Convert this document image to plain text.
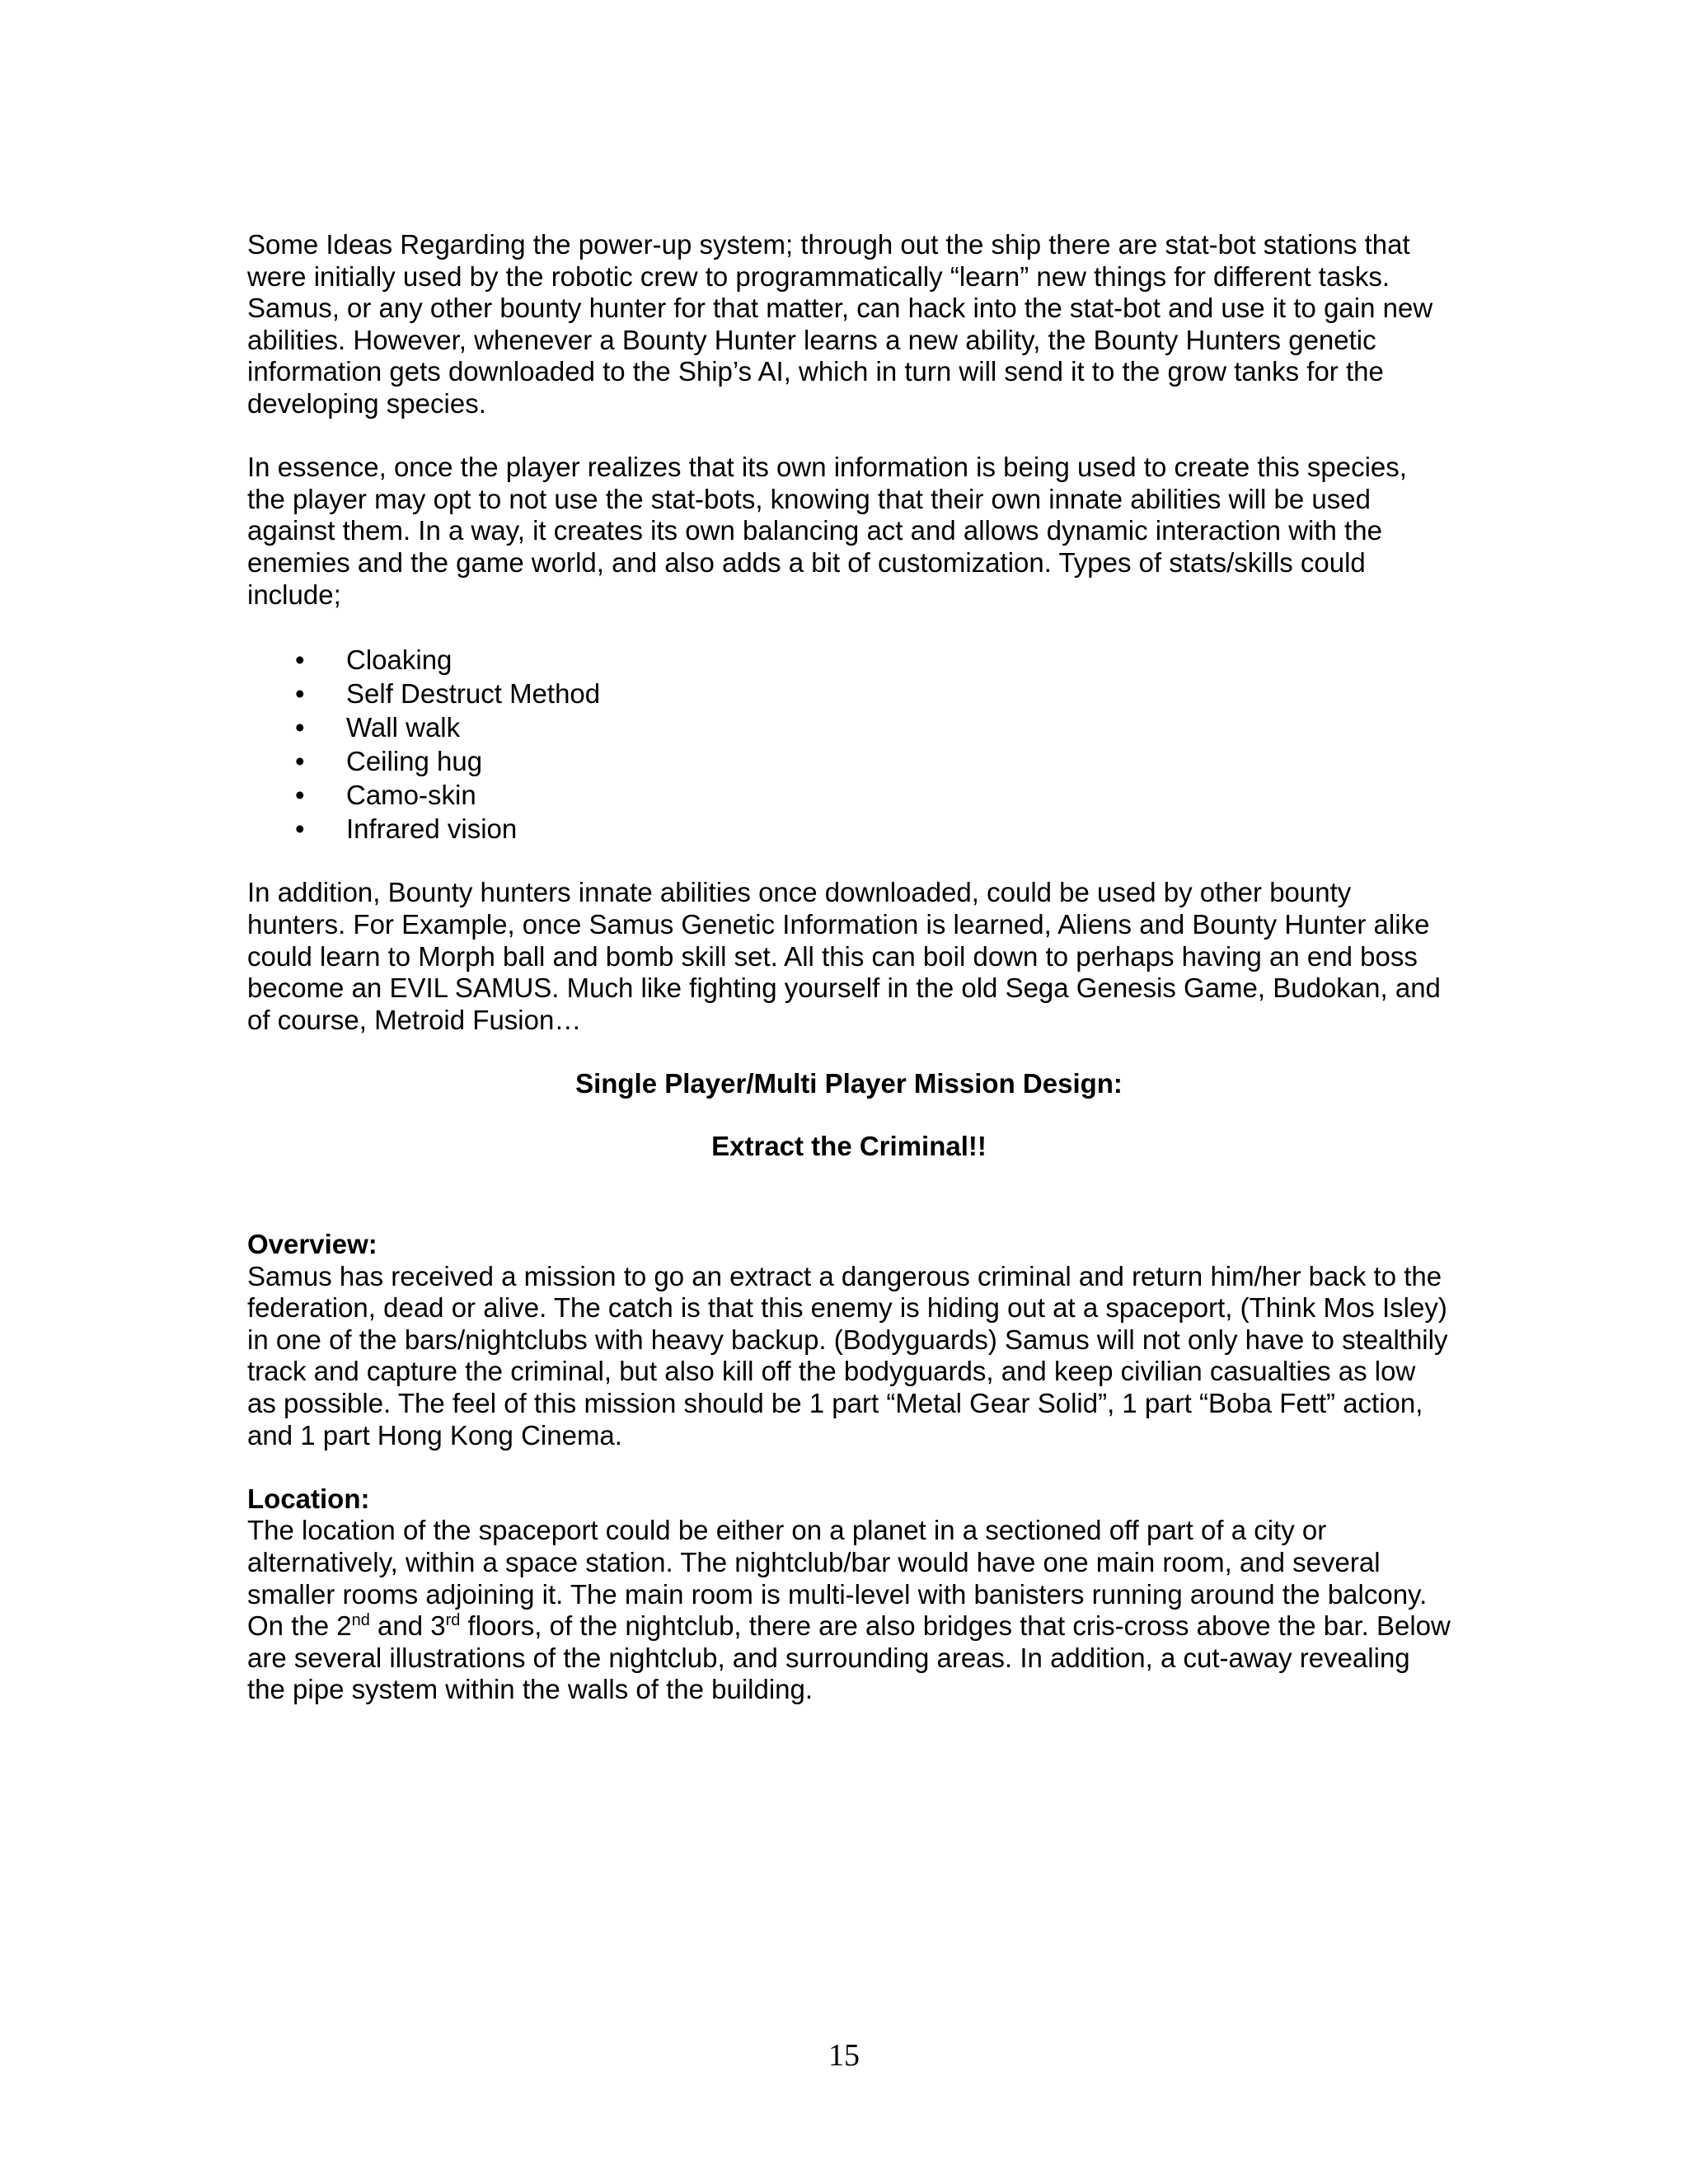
Some Ideas Regarding the power-up system; through out the ship there are stat-bot stations that were initially used by the robotic crew to programmatically “learn” new things for different tasks. Samus, or any other bounty hunter for that matter, can hack into the stat-bot and use it to gain new abilities. However, whenever a Bounty Hunter learns a new ability, the Bounty Hunters genetic information gets downloaded to the Ship’s AI, which in turn will send it to the grow tanks for the developing species.

In essence, once the player realizes that its own information is being used to create this species, the player may opt to not use the stat-bots, knowing that their own innate abilities will be used against them. In a way, it creates its own balancing act and allows dynamic interaction with the enemies and the game world, and also adds a bit of customization. Types of stats/skills could include;

• Cloaking
• Self Destruct Method
• Wall walk
• Ceiling hug
• Camo-skin
• Infrared vision

In addition, Bounty hunters innate abilities once downloaded, could be used by other bounty hunters. For Example, once Samus Genetic Information is learned, Aliens and Bounty Hunter alike could learn to Morph ball and bomb skill set. All this can boil down to perhaps having an end boss become an EVIL SAMUS. Much like fighting yourself in the old Sega Genesis Game, Budokan, and of course, Metroid Fusion…

Single Player/Multi Player Mission Design:

Extract the Criminal!!

Overview:

Samus has received a mission to go an extract a dangerous criminal and return him/her back to the federation, dead or alive. The catch is that this enemy is hiding out at a spaceport, (Think Mos Isley) in one of the bars/nightclubs with heavy backup. (Bodyguards) Samus will not only have to stealthily track and capture the criminal, but also kill off the bodyguards, and keep civilian casualties as low as possible. The feel of this mission should be 1 part “Metal Gear Solid”, 1 part “Boba Fett” action, and 1 part Hong Kong Cinema.

Location:

The location of the spaceport could be either on a planet in a sectioned off part of a city or alternatively, within a space station. The nightclub/bar would have one main room, and several smaller rooms adjoining it. The main room is multi-level with banisters running around the balcony. On the 2nd and 3rd floors, of the nightclub, there are also bridges that cris-cross above the bar. Below are several illustrations of the nightclub, and surrounding areas. In addition, a cut-away revealing the pipe system within the walls of the building.

15
